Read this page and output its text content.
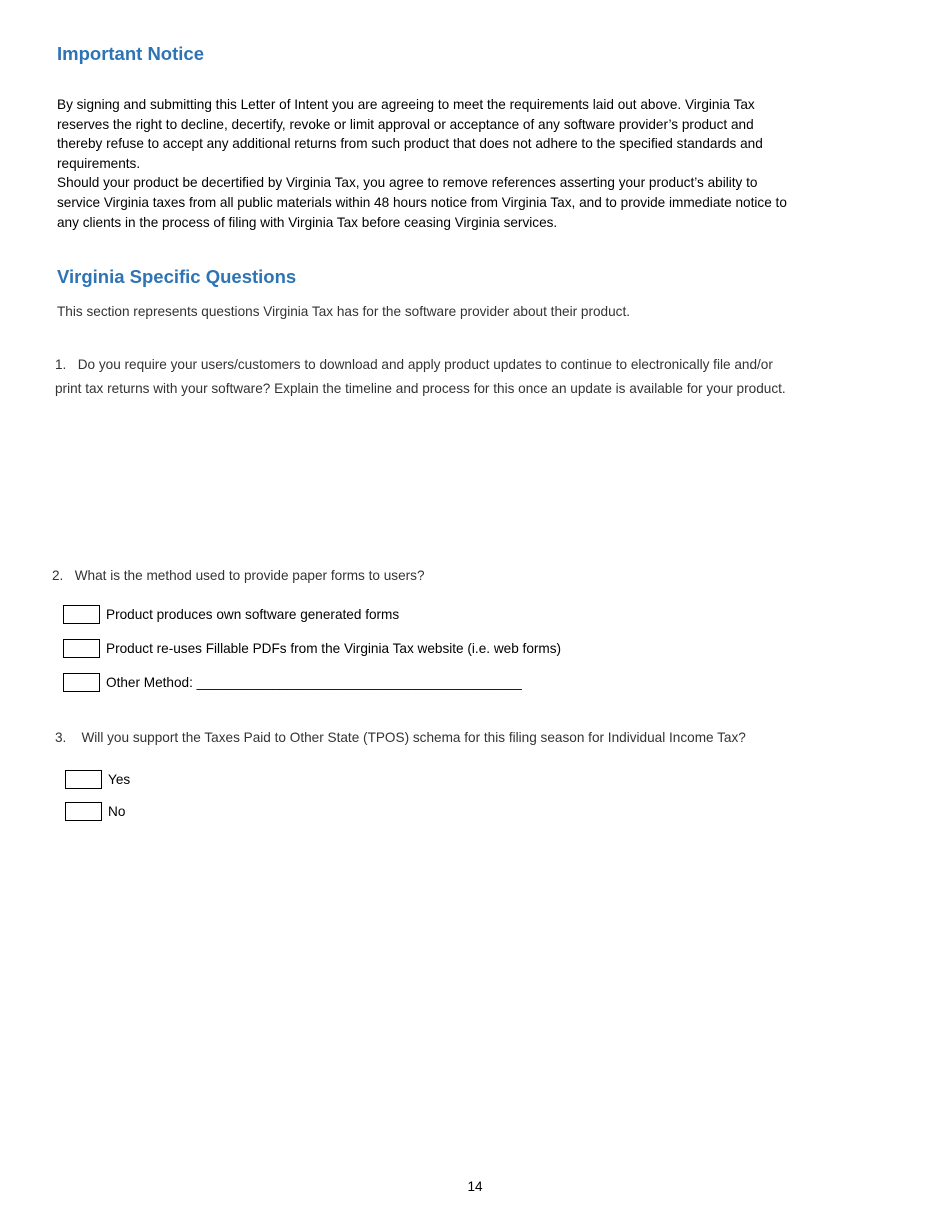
Important Notice
By signing and submitting this Letter of Intent you are agreeing to meet the requirements laid out above. Virginia Tax
reserves the right to decline, decertify, revoke or limit approval or acceptance of any software provider’s product and
thereby refuse to accept any additional returns from such product that does not adhere to the specified standards and
requirements.
Should your product be decertified by Virginia Tax, you agree to remove references asserting your product’s ability to
service Virginia taxes from all public materials within 48 hours notice from Virginia Tax, and to provide immediate notice to
any clients in the process of filing with Virginia Tax before ceasing Virginia services.
Virginia Specific Questions
This section represents questions Virginia Tax has for the software provider about their product.
1. Do you require your users/customers to download and apply product updates to continue to electronically file and/or
print tax returns with your software? Explain the timeline and process for this once an update is available for your product.
2. What is the method used to provide paper forms to users?
Product produces own software generated forms
Product re-uses Fillable PDFs from the Virginia Tax website (i.e. web forms)
Other Method: ___________________________________________
3. Will you support the Taxes Paid to Other State (TPOS) schema for this filing season for Individual Income Tax?
Yes
No
14
